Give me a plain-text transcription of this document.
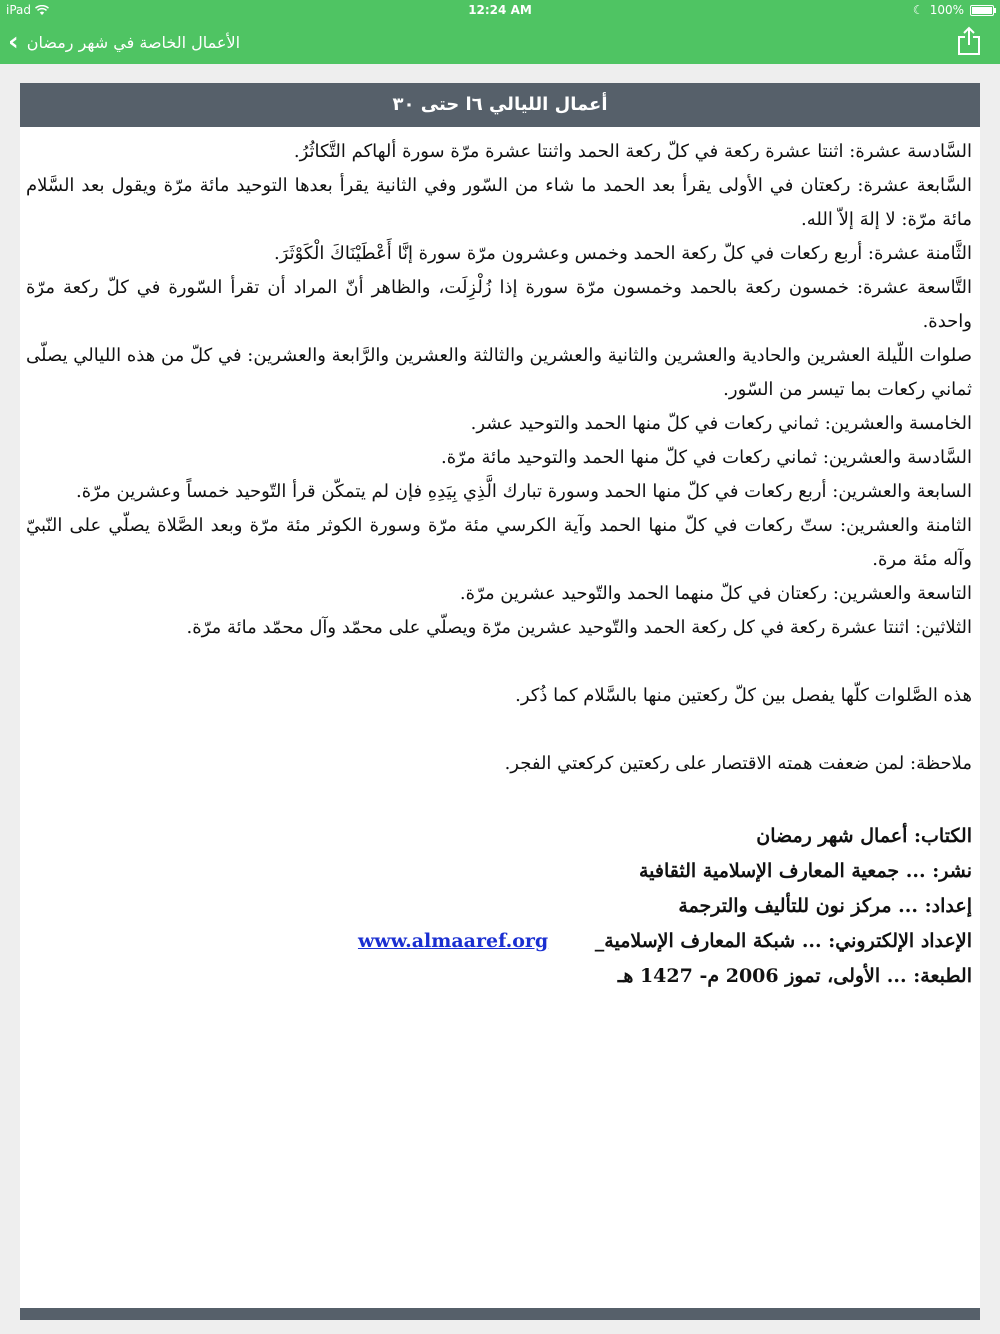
iPad	12:24 AM	☾ 100%
‹ الأعمال الخاصة في شهر رمضان
أعمال الليالي ٦ا حتى ٣٠

السَّادسة عشرة: اثنتا عشرة ركعة في كلّ ركعة الحمد واثنتا عشرة مرّة سورة ألهاكم التَّكاثُرُ.

السَّابعة عشرة: ركعتان في الأولى يقرأ بعد الحمد ما شاء من السّور وفي الثانية يقرأ بعدها التوحيد مائة مرّة ويقول بعد السَّلام مائة مرّة: لا إلهَ إلاّ الله.

الثَّامنة عشرة: أربع ركعات في كلّ ركعة الحمد وخمس وعشرون مرّة سورة إنَّا أَعْطَيْنَاكَ الْكَوْثَرَ.

التَّاسعة عشرة: خمسون ركعة بالحمد وخمسون مرّة سورة إذا زُلْزِلَت، والظاهر أنّ المراد أن تقرأ السّورة في كلّ ركعة مرّة واحدة.

صلوات اللّيلة العشرين والحادية والعشرين والثانية والعشرين والثالثة والعشرين والرَّابعة والعشرين: في كلّ من هذه الليالي يصلّى ثماني ركعات بما تيسر من السّور.

الخامسة والعشرين: ثماني ركعات في كلّ منها الحمد والتوحيد عشر.

السَّادسة والعشرين: ثماني ركعات في كلّ منها الحمد والتوحيد مائة مرّة.

السابعة والعشرين: أربع ركعات في كلّ منها الحمد وسورة تبارك الَّذِي بِيَدِهِ فإن لم يتمكّن قرأ التّوحيد خمساً وعشرين مرّة.

الثامنة والعشرين: ستّ ركعات في كلّ منها الحمد وآية الكرسي مئة مرّة وسورة الكوثر مئة مرّة وبعد الصَّلاة يصلّي على النّبيّ وآله مئة مرة.

التاسعة والعشرين: ركعتان في كلّ منهما الحمد والتّوحيد عشرين مرّة.

الثلاثين: اثنتا عشرة ركعة في كل ركعة الحمد والتّوحيد عشرين مرّة ويصلّي على محمّد وآل محمّد مائة مرّة.

هذه الصَّلوات كلّها يفصل بين كلّ ركعتين منها بالسَّلام كما ذُكر.

ملاحظة: لمن ضعفت همته الاقتصار على ركعتين كركعتي الفجر.

الكتاب: أعمال شهر رمضان
نشر: ... جمعية المعارف الإسلامية الثقافية
إعداد: ... مركز نون للتأليف والترجمة
الإعداد الإلكتروني: ... شبكة المعارف الإسلامية_ www.almaaref.org
الطبعة: ... الأولى، تموز 2006 م- 1427 هـ
